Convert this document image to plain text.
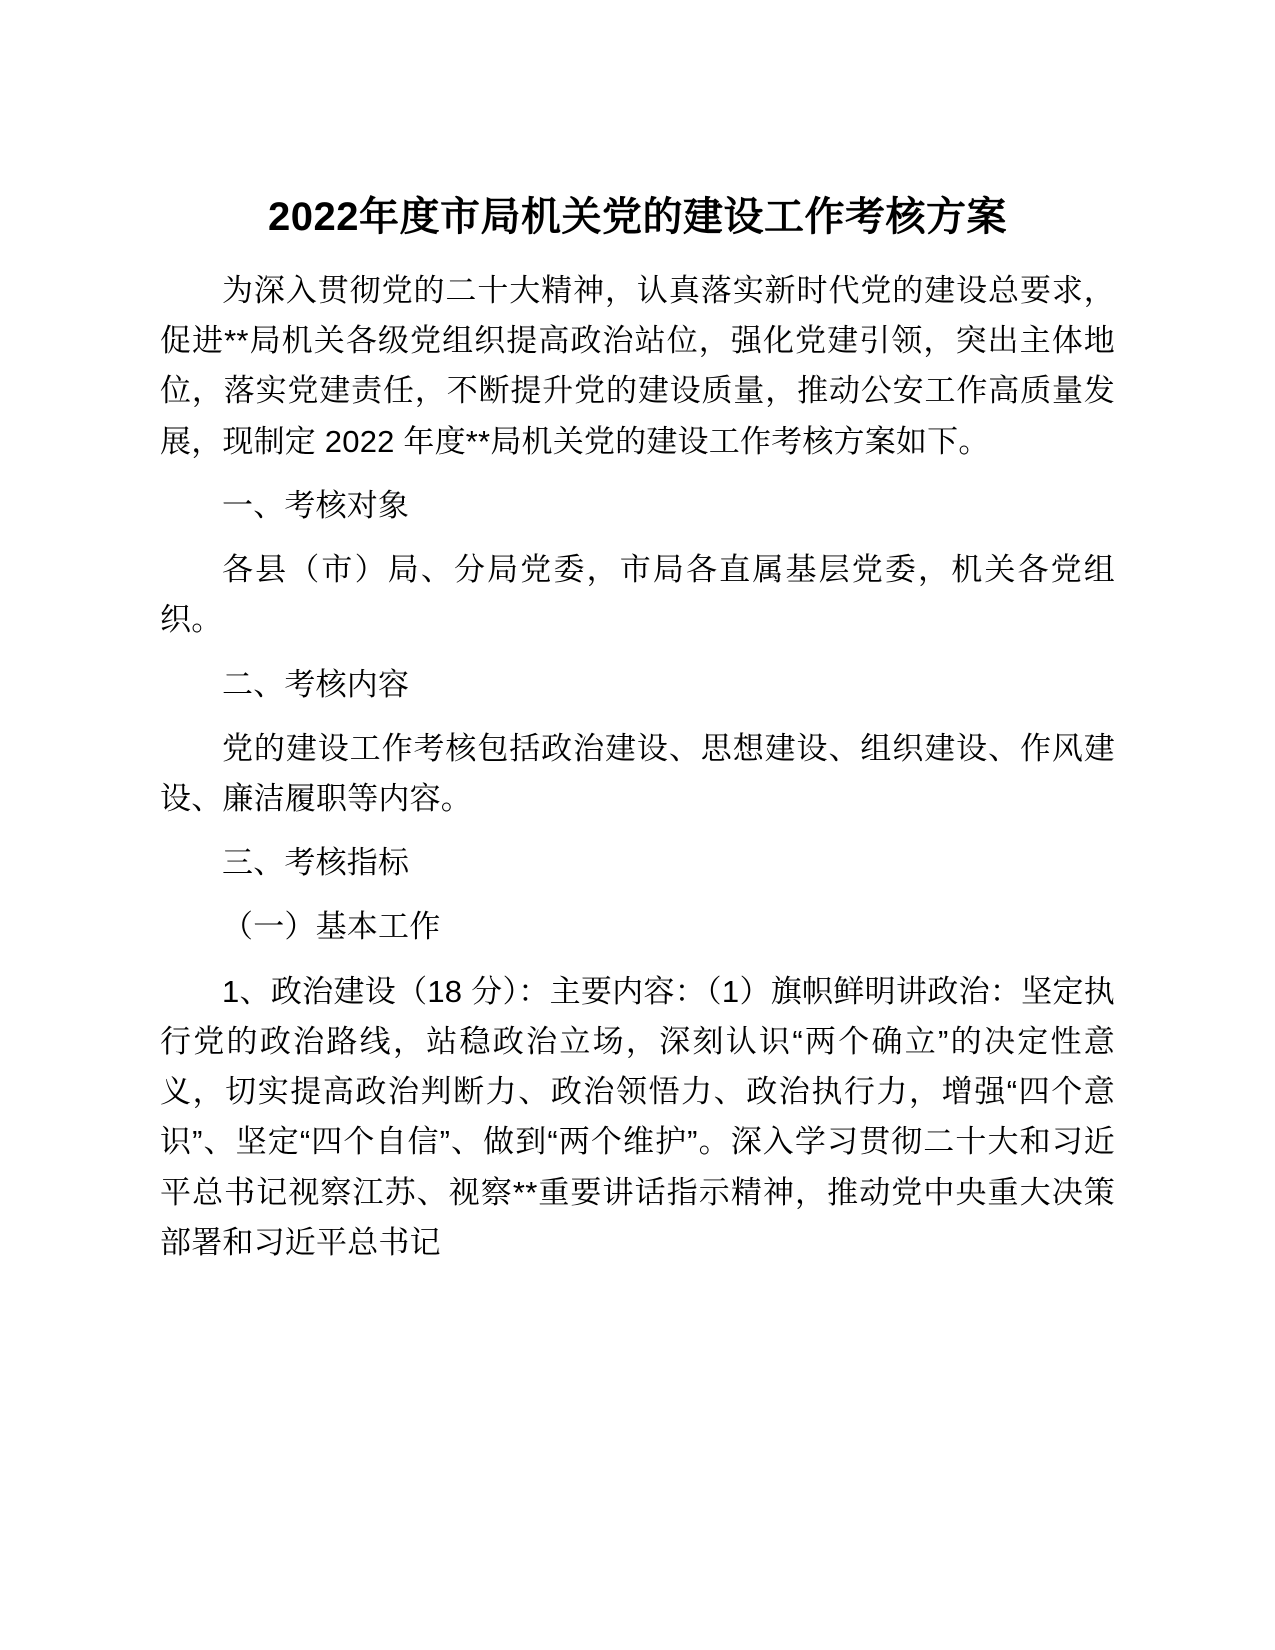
2022年度市局机关党的建设工作考核方案

为深入贯彻党的二十大精神，认真落实新时代党的建设总要求，促进**局机关各级党组织提高政治站位，强化党建引领，突出主体地位，落实党建责任，不断提升党的建设质量，推动公安工作高质量发展，现制定 2022 年度**局机关党的建设工作考核方案如下。

一、考核对象

各县（市）局、分局党委，市局各直属基层党委，机关各党组织。

二、考核内容

党的建设工作考核包括政治建设、思想建设、组织建设、作风建设、廉洁履职等内容。

三、考核指标

（一）基本工作

1、政治建设（18 分）：主要内容：（1）旗帜鲜明讲政治：坚定执行党的政治路线，站稳政治立场，深刻认识“两个确立”的决定性意义，切实提高政治判断力、政治领悟力、政治执行力，增强“四个意识”、坚定“四个自信”、做到“两个维护”。深入学习贯彻二十大和习近平总书记视察江苏、视察**重要讲话指示精神，推动党中央重大决策部署和习近平总书记
